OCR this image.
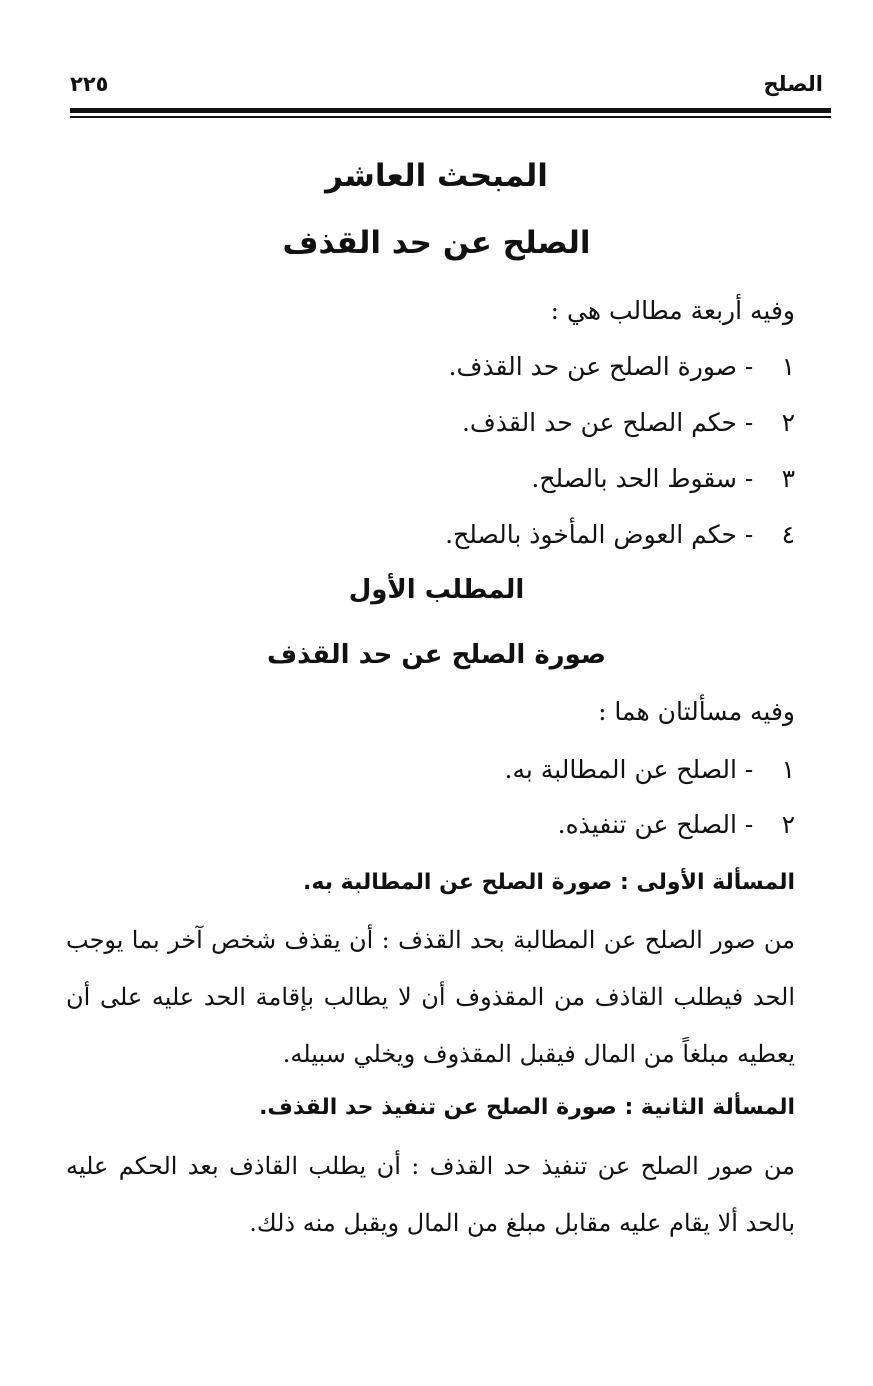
الصلح
٢٢٥
المبحث العاشر
الصلح عن حد القذف
وفيه أربعة مطالب هي :
١-صورة الصلح عن حد القذف.
٢-حكم الصلح عن حد القذف.
٣-سقوط الحد بالصلح.
٤-حكم العوض المأخوذ بالصلح.
المطلب الأول
صورة الصلح عن حد القذف
وفيه مسألتان هما :
١-الصلح عن المطالبة به.
٢-الصلح عن تنفيذه.
المسألة الأولى : صورة الصلح عن المطالبة به.
من صور الصلح عن المطالبة بحد القذف : أن يقذف شخص آخر بما يوجب الحد فيطلب القاذف من المقذوف أن لا يطالب بإقامة الحد عليه على أن يعطيه مبلغاً من المال فيقبل المقذوف ويخلي سبيله.
المسألة الثانية : صورة الصلح عن تنفيذ حد القذف.
من صور الصلح عن تنفيذ حد القذف : أن يطلب القاذف بعد الحكم عليه بالحد ألا يقام عليه مقابل مبلغ من المال ويقبل منه ذلك.
